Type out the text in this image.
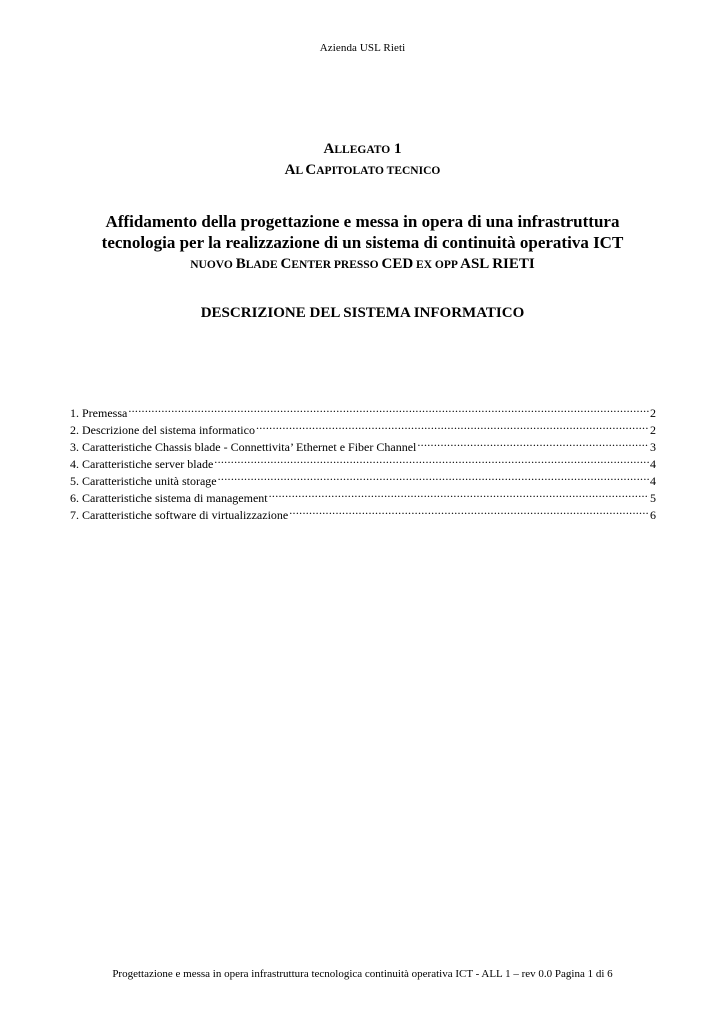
Azienda USL Rieti
ALLEGATO 1
AL CAPITOLATO TECNICO
Affidamento della progettazione e messa in opera di una infrastruttura
tecnologia per la realizzazione di un sistema di continuità operativa ICT
NUOVO BLADE CENTER PRESSO CED EX OPP ASL RIETI
DESCRIZIONE DEL SISTEMA INFORMATICO
1. Premessa .....	2
2. Descrizione del sistema informatico .....	2
3. Caratteristiche Chassis blade - Connettivita’ Ethernet e Fiber Channel .....	3
4. Caratteristiche server blade .....	4
5. Caratteristiche unità storage .....	4
6. Caratteristiche sistema di management .....	5
7. Caratteristiche software di virtualizzazione .....	6
Progettazione e messa in opera infrastruttura tecnologica continuità operativa ICT - ALL 1 – rev 0.0 Pagina 1 di 6
